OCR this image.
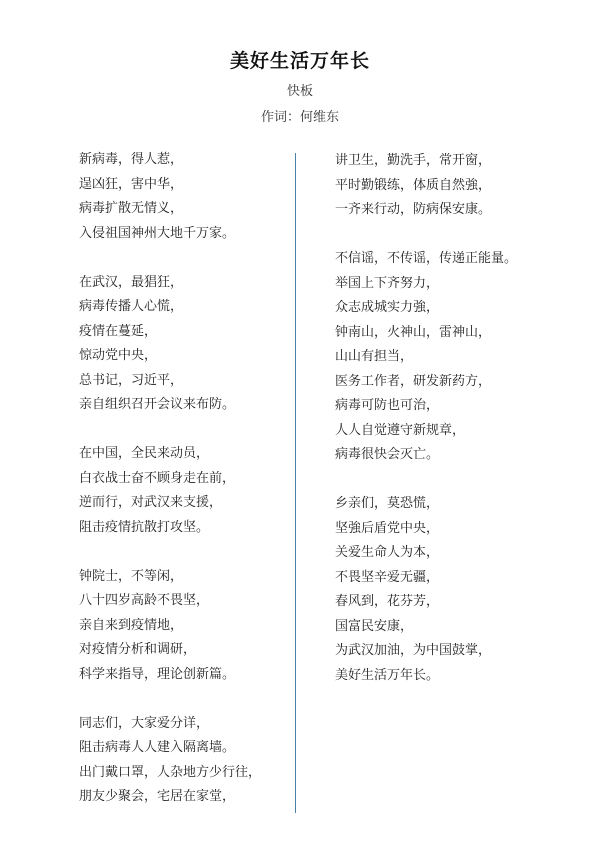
美好生活万年长
快板
作词：何维东
新病毒，得人惹，
逞凶狂，害中华，
病毒扩散无情义，
入侵祖国神州大地千万家。
在武汉，最猖狂，
病毒传播人心慌，
疫情在蔓延，
惊动党中央，
总书记，习近平，
亲自组织召开会议来布防。
在中国，全民来动员，
白衣战士奋不顾身走在前，
逆而行，对武汉来支援，
阻击疫情抗散打攻坚。
钟院士，不等闲，
八十四岁高龄不畏坚，
亲自来到疫情地，
对疫情分析和调研，
科学来指导，理论创新篇。
同志们，大家爱分详，
阻击病毒人人建入隔离墙。
出门戴口罩，人杂地方少行往，
朋友少聚会，宅居在家堂，
讲卫生，勤洗手，常开窗，
平时勤锻练，体质自然強，
一齐来行动，防病保安康。
不信谣，不传谣，传递正能量。
举国上下齐努力，
众志成城实力強，
钟南山，火神山，雷神山，
山山有担当，
医务工作者，研发新药方，
病毒可防也可治，
人人自觉遵守新规章，
病毒很快会灭亡。
乡亲们，莫恐慌，
坚強后盾党中央，
关爱生命人为本，
不畏坚辛爱无疆，
春风到，花芬芳，
国富民安康，
为武汉加油，为中国鼓掌，
美好生活万年长。
